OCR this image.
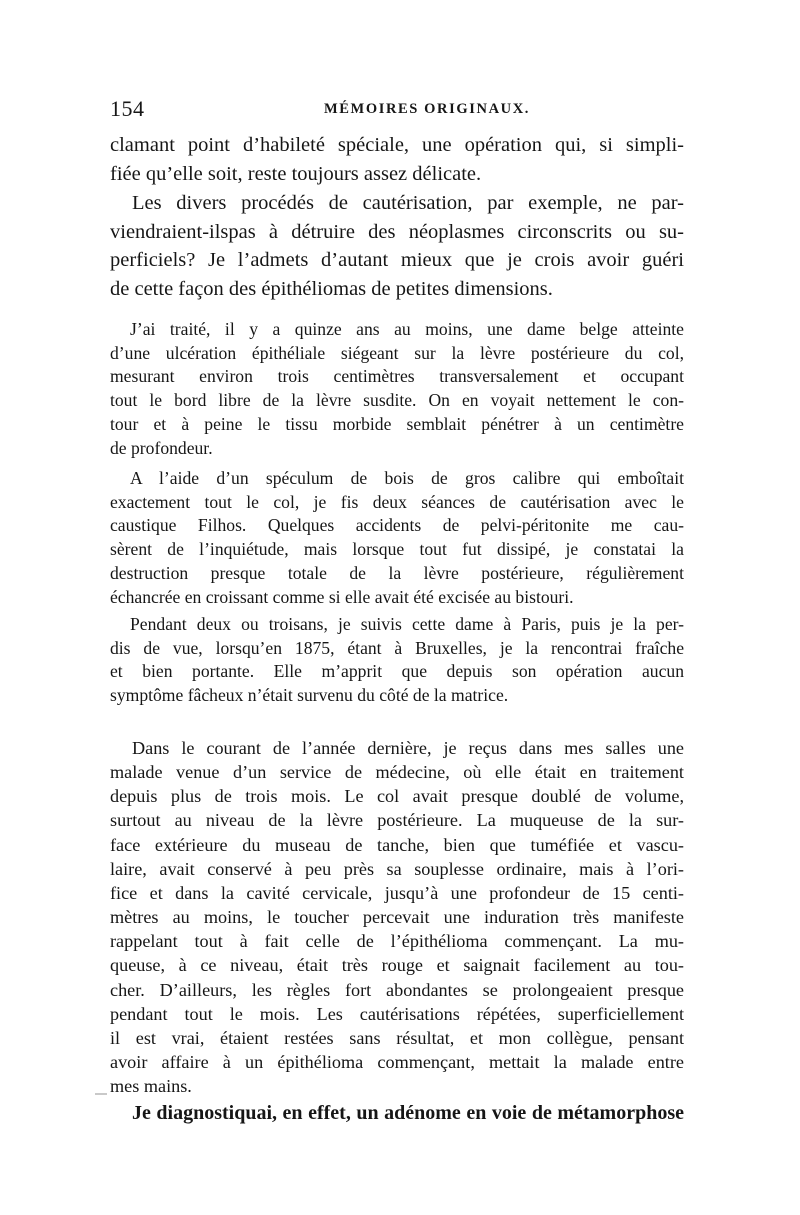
154	MÉMOIRES ORIGINAUX.
clamant point d’habileté spéciale, une opération qui, si simpli-
fiée qu’elle soit, reste toujours assez délicate.
Les divers procédés de cautérisation, par exemple, ne par-
viendraient-ilspas à détruire des néoplasmes circonscrits ou su-
perficiels? Je l’admets d’autant mieux que je crois avoir guéri
de cette façon des épithéliomas de petites dimensions.
J’ai traité, il y a quinze ans au moins, une dame belge atteinte
d’une ulcération épithéliale siégeant sur la lèvre postérieure du col,
mesurant environ trois centimètres transversalement et occupant
tout le bord libre de la lèvre susdite. On en voyait nettement le con-
tour et à peine le tissu morbide semblait pénétrer à un centimètre
de profondeur.
A l’aide d’un spéculum de bois de gros calibre qui emboîtait
exactement tout le col, je fis deux séances de cautérisation avec le
caustique Filhos. Quelques accidents de pelvi-péritonite me cau-
sèrent de l’inquiétude, mais lorsque tout fut dissipé, je constatai la
destruction presque totale de la lèvre postérieure, régulièrement
échancrée en croissant comme si elle avait été excisée au bistouri.
Pendant deux ou troisans, je suivis cette dame à Paris, puis je la per-
dis de vue, lorsqu’en 1875, étant à Bruxelles, je la rencontrai fraîche
et bien portante. Elle m’apprit que depuis son opération aucun
symptôme fâcheux n’était survenu du côté de la matrice.
Dans le courant de l’année dernière, je reçus dans mes salles une
malade venue d’un service de médecine, où elle était en traitement
depuis plus de trois mois. Le col avait presque doublé de volume,
surtout au niveau de la lèvre postérieure. La muqueuse de la sur-
face extérieure du museau de tanche, bien que tuméfiée et vascu-
laire, avait conservé à peu près sa souplesse ordinaire, mais à l’ori-
fice et dans la cavité cervicale, jusqu’à une profondeur de 15 centi-
mètres au moins, le toucher percevait une induration très manifeste
rappelant tout à fait celle de l’épithélioma commençant. La mu-
queuse, à ce niveau, était très rouge et saignait facilement au tou-
cher. D’ailleurs, les règles fort abondantes se prolongeaient presque
pendant tout le mois. Les cautérisations répétées, superficiellement
il est vrai, étaient restées sans résultat, et mon collègue, pensant
avoir affaire à un épithélioma commençant, mettait la malade entre
mes mains.
Je diagnostiquai, en effet, un adénome en voie de métamorphose
